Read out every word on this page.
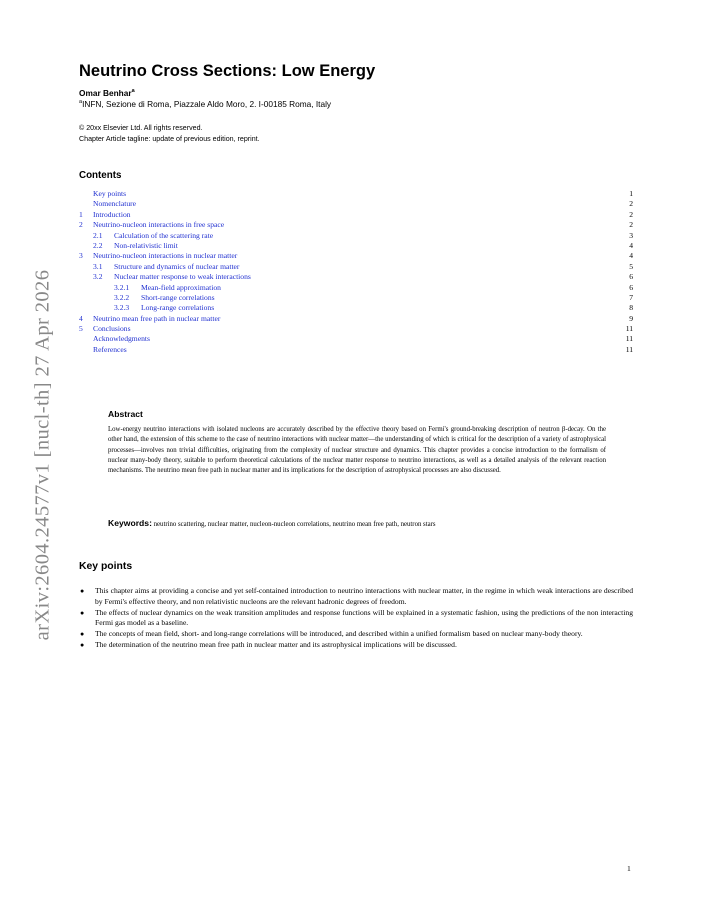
arXiv:2604.24577v1 [nucl-th] 27 Apr 2026
Neutrino Cross Sections: Low Energy
Omar Benhar$^a$
$^a$INFN, Sezione di Roma, Piazzale Aldo Moro, 2. I-00185 Roma, Italy
© 20xx Elsevier Ltd. All rights reserved.
Chapter Article tagline: update of previous edition, reprint.
Contents
Key points	1
Nomenclature	2
1 Introduction	2
2 Neutrino-nucleon interactions in free space	2
2.1 Calculation of the scattering rate	3
2.2 Non-relativistic limit	4
3 Neutrino-nucleon interactions in nuclear matter	4
3.1 Structure and dynamics of nuclear matter	5
3.2 Nuclear matter response to weak interactions	6
3.2.1 Mean-field approximation	6
3.2.2 Short-range correlations	7
3.2.3 Long-range correlations	8
4 Neutrino mean free path in nuclear matter	9
5 Conclusions	11
Acknowledgments	11
References	11
Abstract

Low-energy neutrino interactions with isolated nucleons are accurately described by the effective theory based on Fermi's ground-breaking description of neutron β-decay. On the other hand, the extension of this scheme to the case of neutrino interactions with nuclear matter—the understanding of which is critical for the description of a variety of astrophysical processes—involves non trivial difficulties, originating from the complexity of nuclear structure and dynamics. This chapter provides a concise introduction to the formalism of nuclear many-body theory, suitable to perform theoretical calculations of the nuclear matter response to neutrino interactions, as well as a detailed analysis of the relevant reaction mechanisms. The neutrino mean free path in nuclear matter and its implications for the description of astrophysical processes are also discussed.

Keywords: neutrino scattering, nuclear matter, nucleon-nucleon correlations, neutrino mean free path, neutron stars
Key points
● This chapter aims at providing a concise and yet self-contained introduction to neutrino interactions with nuclear matter, in the regime in which weak interactions are described by Fermi's effective theory, and non relativistic nucleons are the relevant hadronic degrees of freedom.
● The effects of nuclear dynamics on the weak transition amplitudes and response functions will be explained in a systematic fashion, using the predictions of the non interacting Fermi gas model as a baseline.
● The concepts of mean field, short- and long-range correlations will be introduced, and described within a unified formalism based on nuclear many-body theory.
● The determination of the neutrino mean free path in nuclear matter and its astrophysical implications will be discussed.
1
